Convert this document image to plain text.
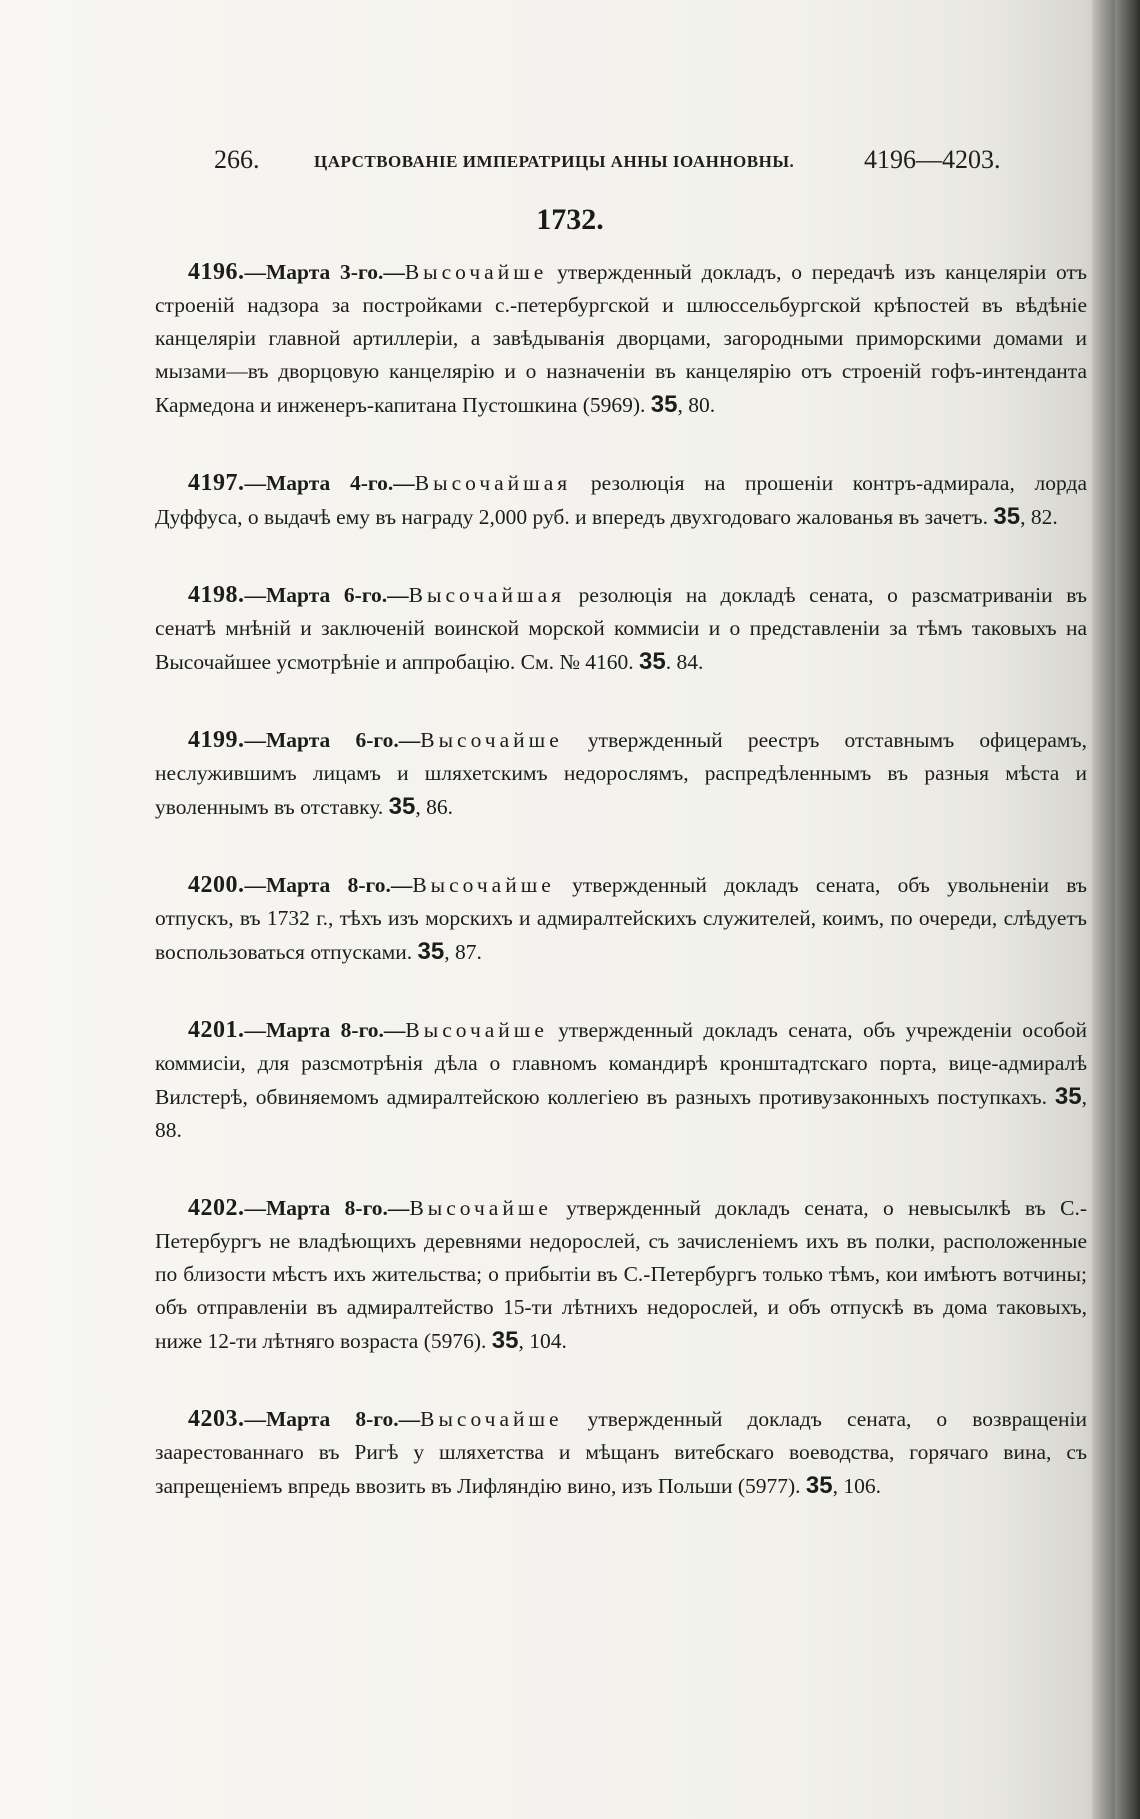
266.	ЦАРСТВОВАНІЕ ИМПЕРАТРИЦЫ АННЫ ІОАННОВНЫ.	4196—4203.
1732.

4196.—Марта 3-го.—Высочайше утвержденный докладъ, о передачѣ изъ канцеляріи отъ строеній надзора за постройками с.-петербургской и шлюссельбургской крѣпостей въ вѣдѣніе канцеляріи главной артиллеріи, а завѣдыванія дворцами, загородными приморскими домами и мызами—въ дворцовую канцелярію и о назначеніи въ канцелярію отъ строеній гофъ-интенданта Кармедона и инженеръ-капитана Пустошкина (5969). 35, 80.

4197.—Марта 4-го.—Высочайшая резолюція на прошеніи контръ-адмирала, лорда Дуффуса, о выдачѣ ему въ награду 2,000 руб. и впередъ двухгодоваго жалованья въ зачетъ. 35, 82.

4198.—Марта 6-го.—Высочайшая резолюція на докладѣ сената, о разсматриваніи въ сенатѣ мнѣній и заключеній воинской морской коммисіи и о представленіи за тѣмъ таковыхъ на Высочайшее усмотрѣніе и аппробацію. См. № 4160. 35. 84.

4199.—Марта 6-го.—Высочайше утвержденный реестръ отставнымъ офицерамъ, неслужившимъ лицамъ и шляхетскимъ недорослямъ, распредѣленнымъ въ разныя мѣста и уволеннымъ въ отставку. 35, 86.

4200.—Марта 8-го.—Высочайше утвержденный докладъ сената, объ увольненіи въ отпускъ, въ 1732 г., тѣхъ изъ морскихъ и адмиралтейскихъ служителей, коимъ, по очереди, слѣдуетъ воспользоваться отпусками. 35, 87.

4201.—Марта 8-го.—Высочайше утвержденный докладъ сената, объ учрежденіи особой коммисіи, для разсмотрѣнія дѣла о главномъ командирѣ кронштадтскаго порта, вице-адмиралѣ Вилстерѣ, обвиняемомъ адмиралтейскою коллегіею въ разныхъ противузаконныхъ поступкахъ. 35, 88.

4202.—Марта 8-го.—Высочайше утвержденный докладъ сената, о невысылкѣ въ С.-Петербургъ не владѣющихъ деревнями недорослей, съ зачисленіемъ ихъ въ полки, расположенные по близости мѣстъ ихъ жительства; о прибытіи въ С.-Петербургъ только тѣмъ, кои имѣютъ вотчины; объ отправленіи въ адмиралтейство 15-ти лѣтнихъ недорослей, и объ отпускѣ въ дома таковыхъ, ниже 12-ти лѣтняго возраста (5976). 35, 104.

4203.—Марта 8-го.—Высочайше утвержденный докладъ сената, о возвращеніи заарестованнаго въ Ригѣ у шляхетства и мѣщанъ витебскаго воеводства, горячаго вина, съ запрещеніемъ впредь ввозить въ Лифляндію вино, изъ Польши (5977). 35, 106.
